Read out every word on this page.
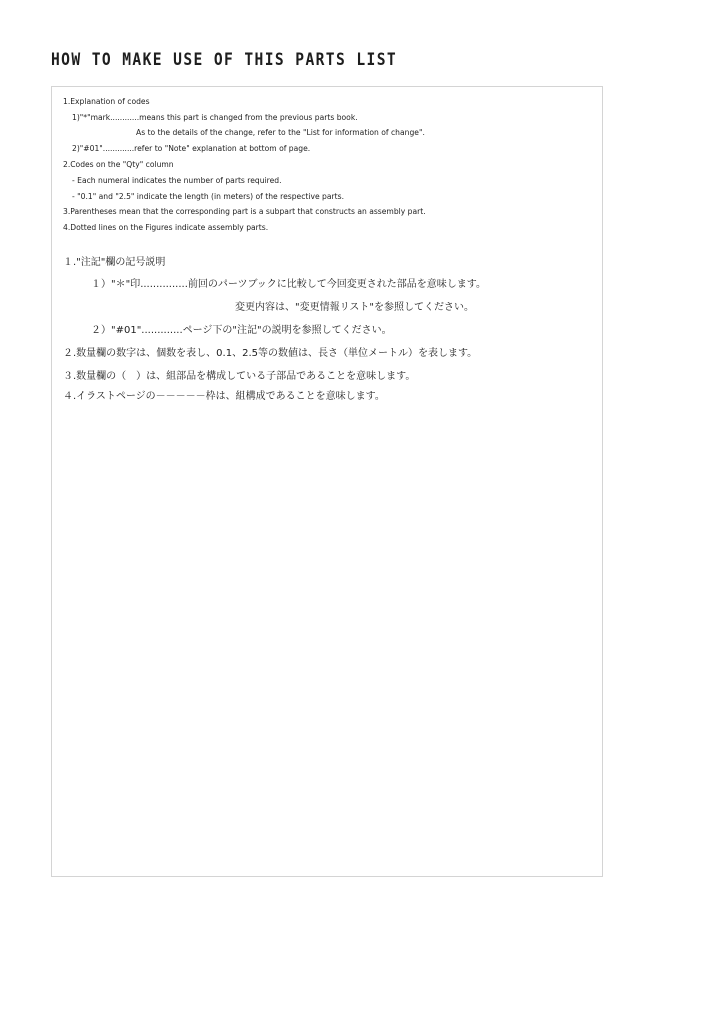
HOW TO MAKE USE OF THIS PARTS LIST
1.Explanation of codes
1)"*"mark............means this part is changed from the previous parts book.
As to the details of the change, refer to the "List for information of change".
2)"#01".............refer to "Note" explanation at bottom of page.
2.Codes on the "Qty" column
- Each numeral indicates the number of parts required.
- "0.1" and "2.5" indicate the length (in meters) of the respective parts.
3.Parentheses mean that the corresponding part is a subpart that constructs an assembly part.
4.Dotted lines on the Figures indicate assembly parts.
１."注記"欄の記号説明
１）"＊"印...............前回のパーツブックに比較して今回変更された部品を意味します。
変更内容は、"変更情報リスト"を参照してください。
２）"#01".............ページ下の"注記"の説明を参照してください。
２.数量欄の数字は、個数を表し、0.1、2.5等の数値は、長さ（単位メートル）を表します。
３.数量欄の（　）は、組部品を構成している子部品であることを意味します。
４.イラストページの－－－－－枠は、組構成であることを意味します。
